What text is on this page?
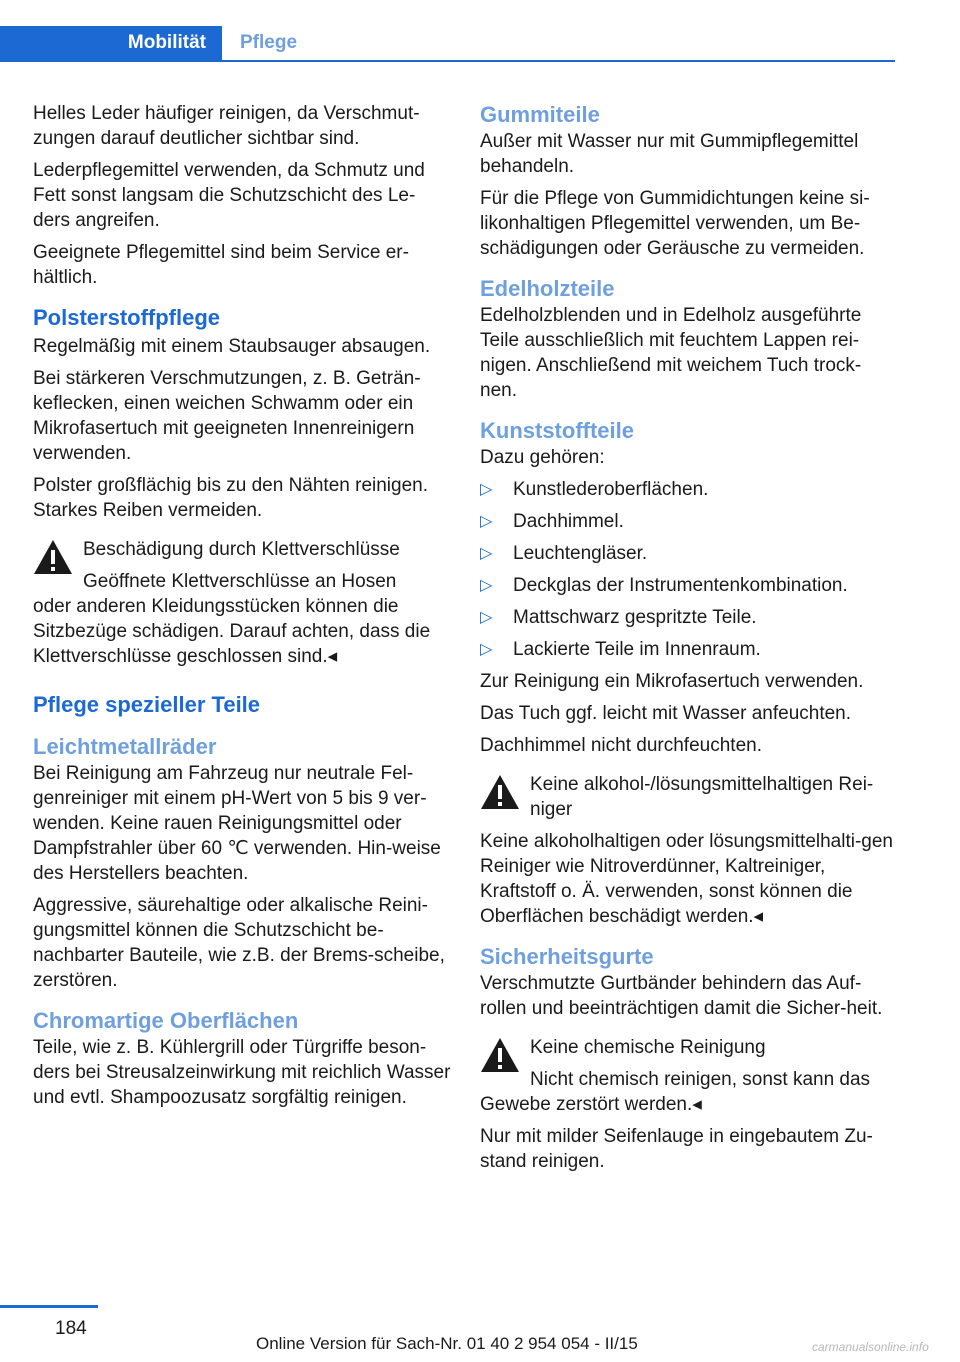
Mobilität Pflege

Helles Leder häufiger reinigen, da Verschmut-zungen darauf deutlicher sichtbar sind.

Lederpflegemittel verwenden, da Schmutz und Fett sonst langsam die Schutzschicht des Le-ders angreifen.

Geeignete Pflegemittel sind beim Service er-hältlich.

Polsterstoffpflege

Regelmäßig mit einem Staubsauger absaugen.

Bei stärkeren Verschmutzungen, z. B. Geträn-keflecken, einen weichen Schwamm oder ein Mikrofasertuch mit geeigneten Innenreinigern verwenden.

Polster großflächig bis zu den Nähten reinigen. Starkes Reiben vermeiden.

Beschädigung durch Klettverschlüsse
Geöffnete Klettverschlüsse an Hosen
oder anderen Kleidungsstücken können die Sitzbezüge schädigen. Darauf achten, dass die Klettverschlüsse geschlossen sind.◂
Pflege spezieller Teile
Leichtmetallräder

Bei Reinigung am Fahrzeug nur neutrale Fel-genreiniger mit einem pH-Wert von 5 bis 9 ver-wenden. Keine rauen Reinigungsmittel oder Dampfstrahler über 60 ℃ verwenden. Hin-weise des Herstellers beachten.

Aggressive, säurehaltige oder alkalische Reini-gungsmittel können die Schutzschicht be-nachbarter Bauteile, wie z.B. der Brems-scheibe, zerstören.

Chromartige Oberflächen

Teile, wie z. B. Kühlergrill oder Türgriffe beson-ders bei Streusalzeinwirkung mit reichlich Wasser und evtl. Shampoozusatz sorgfältig reinigen.

Gummiteile

Außer mit Wasser nur mit Gummipflegemittel behandeln.

Für die Pflege von Gummidichtungen keine si-likonhaltigen Pflegemittel verwenden, um Be-schädigungen oder Geräusche zu vermeiden.

Edelholzteile

Edelholzblenden und in Edelholz ausgeführte Teile ausschließlich mit feuchtem Lappen rei-nigen. Anschließend mit weichem Tuch trock-nen.

Kunststoffteile

Dazu gehören:

▷ Kunstlederoberflächen.
▷ Dachhimmel.
▷ Leuchtengläser.
▷ Deckglas der Instrumentenkombination.
▷ Mattschwarz gespritzte Teile.
▷ Lackierte Teile im Innenraum.

Zur Reinigung ein Mikrofasertuch verwenden.

Das Tuch ggf. leicht mit Wasser anfeuchten.

Dachhimmel nicht durchfeuchten.

Keine alkohol-/lösungsmittelhaltigen Rei-niger
Keine alkoholhaltigen oder lösungsmittelhalti-gen Reiniger wie Nitroverdünner, Kaltreiniger, Kraftstoff o. Ä. verwenden, sonst können die Oberflächen beschädigt werden.◂
Sicherheitsgurte

Verschmutzte Gurtbänder behindern das Auf-rollen und beeinträchtigen damit die Sicher-heit.

Keine chemische Reinigung
Nicht chemisch reinigen, sonst kann das
Gewebe zerstört werden.◂

Nur mit milder Seifenlauge in eingebautem Zu-stand reinigen.

184
Online Version für Sach-Nr. 01 40 2 954 054 - II/15	carmanualsonline.info
